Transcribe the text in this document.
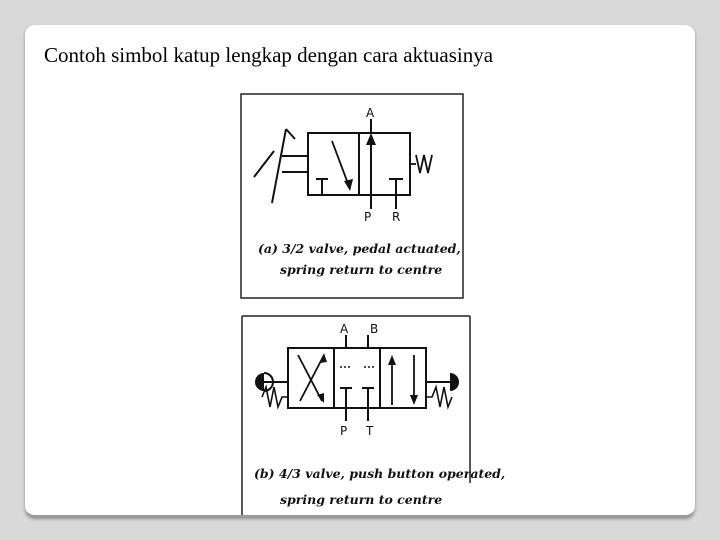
Contoh simbol katup lengkap dengan cara aktuasinya
A
P R
(a) 3/2 valve, pedal actuated,
spring return to centre
A B
P T
(b) 4/3 valve, push button operated,
spring return to centre
